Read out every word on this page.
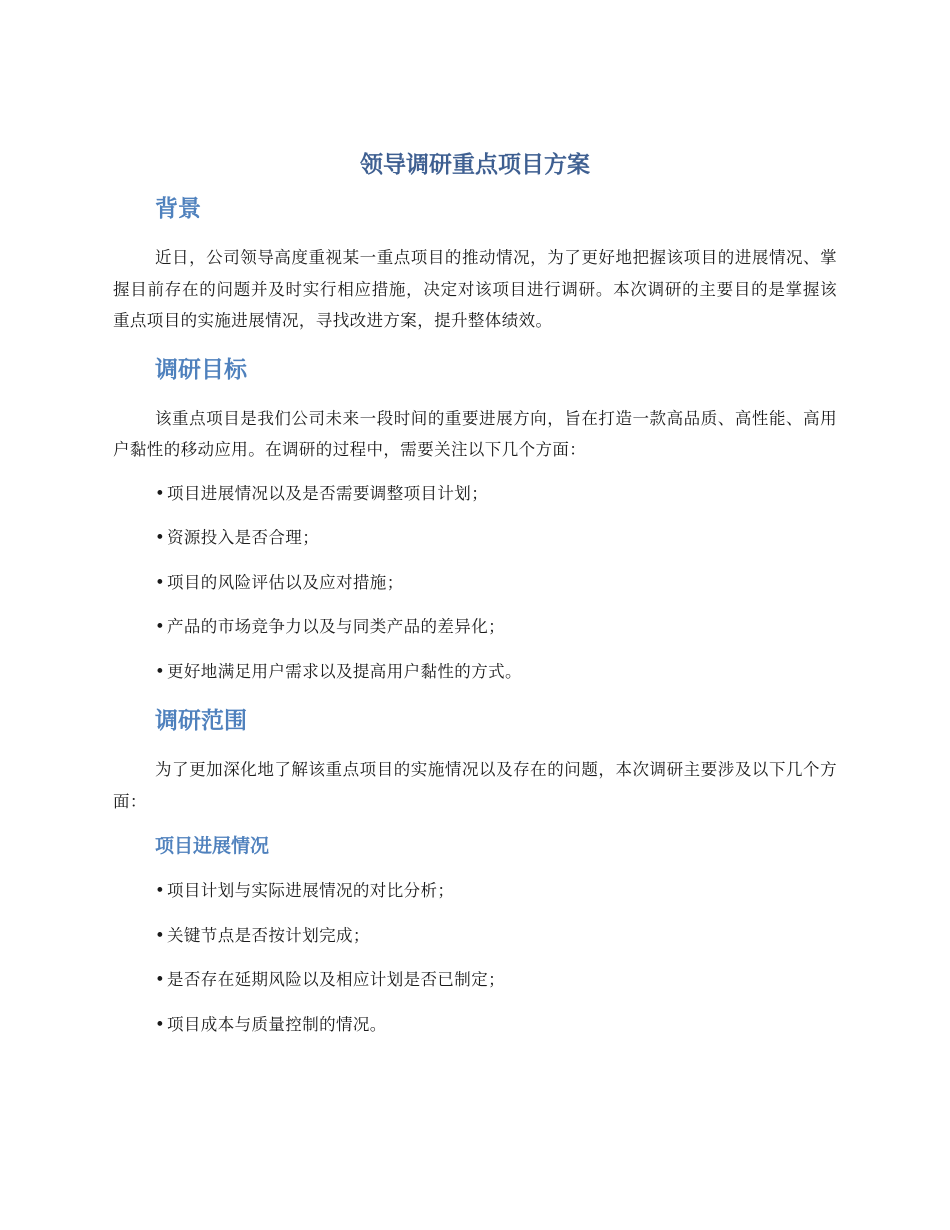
领导调研重点项目方案
背景

近日，公司领导高度重视某一重点项目的推动情况，为了更好地把握该项目的进展情况、掌握目前存在的问题并及时实行相应措施，决定对该项目进行调研。本次调研的主要目的是掌握该重点项目的实施进展情况，寻找改进方案，提升整体绩效。

调研目标

该重点项目是我们公司未来一段时间的重要进展方向，旨在打造一款高品质、高性能、高用户黏性的移动应用。在调研的过程中，需要关注以下几个方面：

• 项目进展情况以及是否需要调整项目计划；
• 资源投入是否合理；
• 项目的风险评估以及应对措施；
• 产品的市场竞争力以及与同类产品的差异化；
• 更好地满足用户需求以及提高用户黏性的方式。
调研范围

为了更加深化地了解该重点项目的实施情况以及存在的问题，本次调研主要涉及以下几个方面：

项目进展情况
• 项目计划与实际进展情况的对比分析；
• 关键节点是否按计划完成；
• 是否存在延期风险以及相应计划是否已制定；
• 项目成本与质量控制的情况。
